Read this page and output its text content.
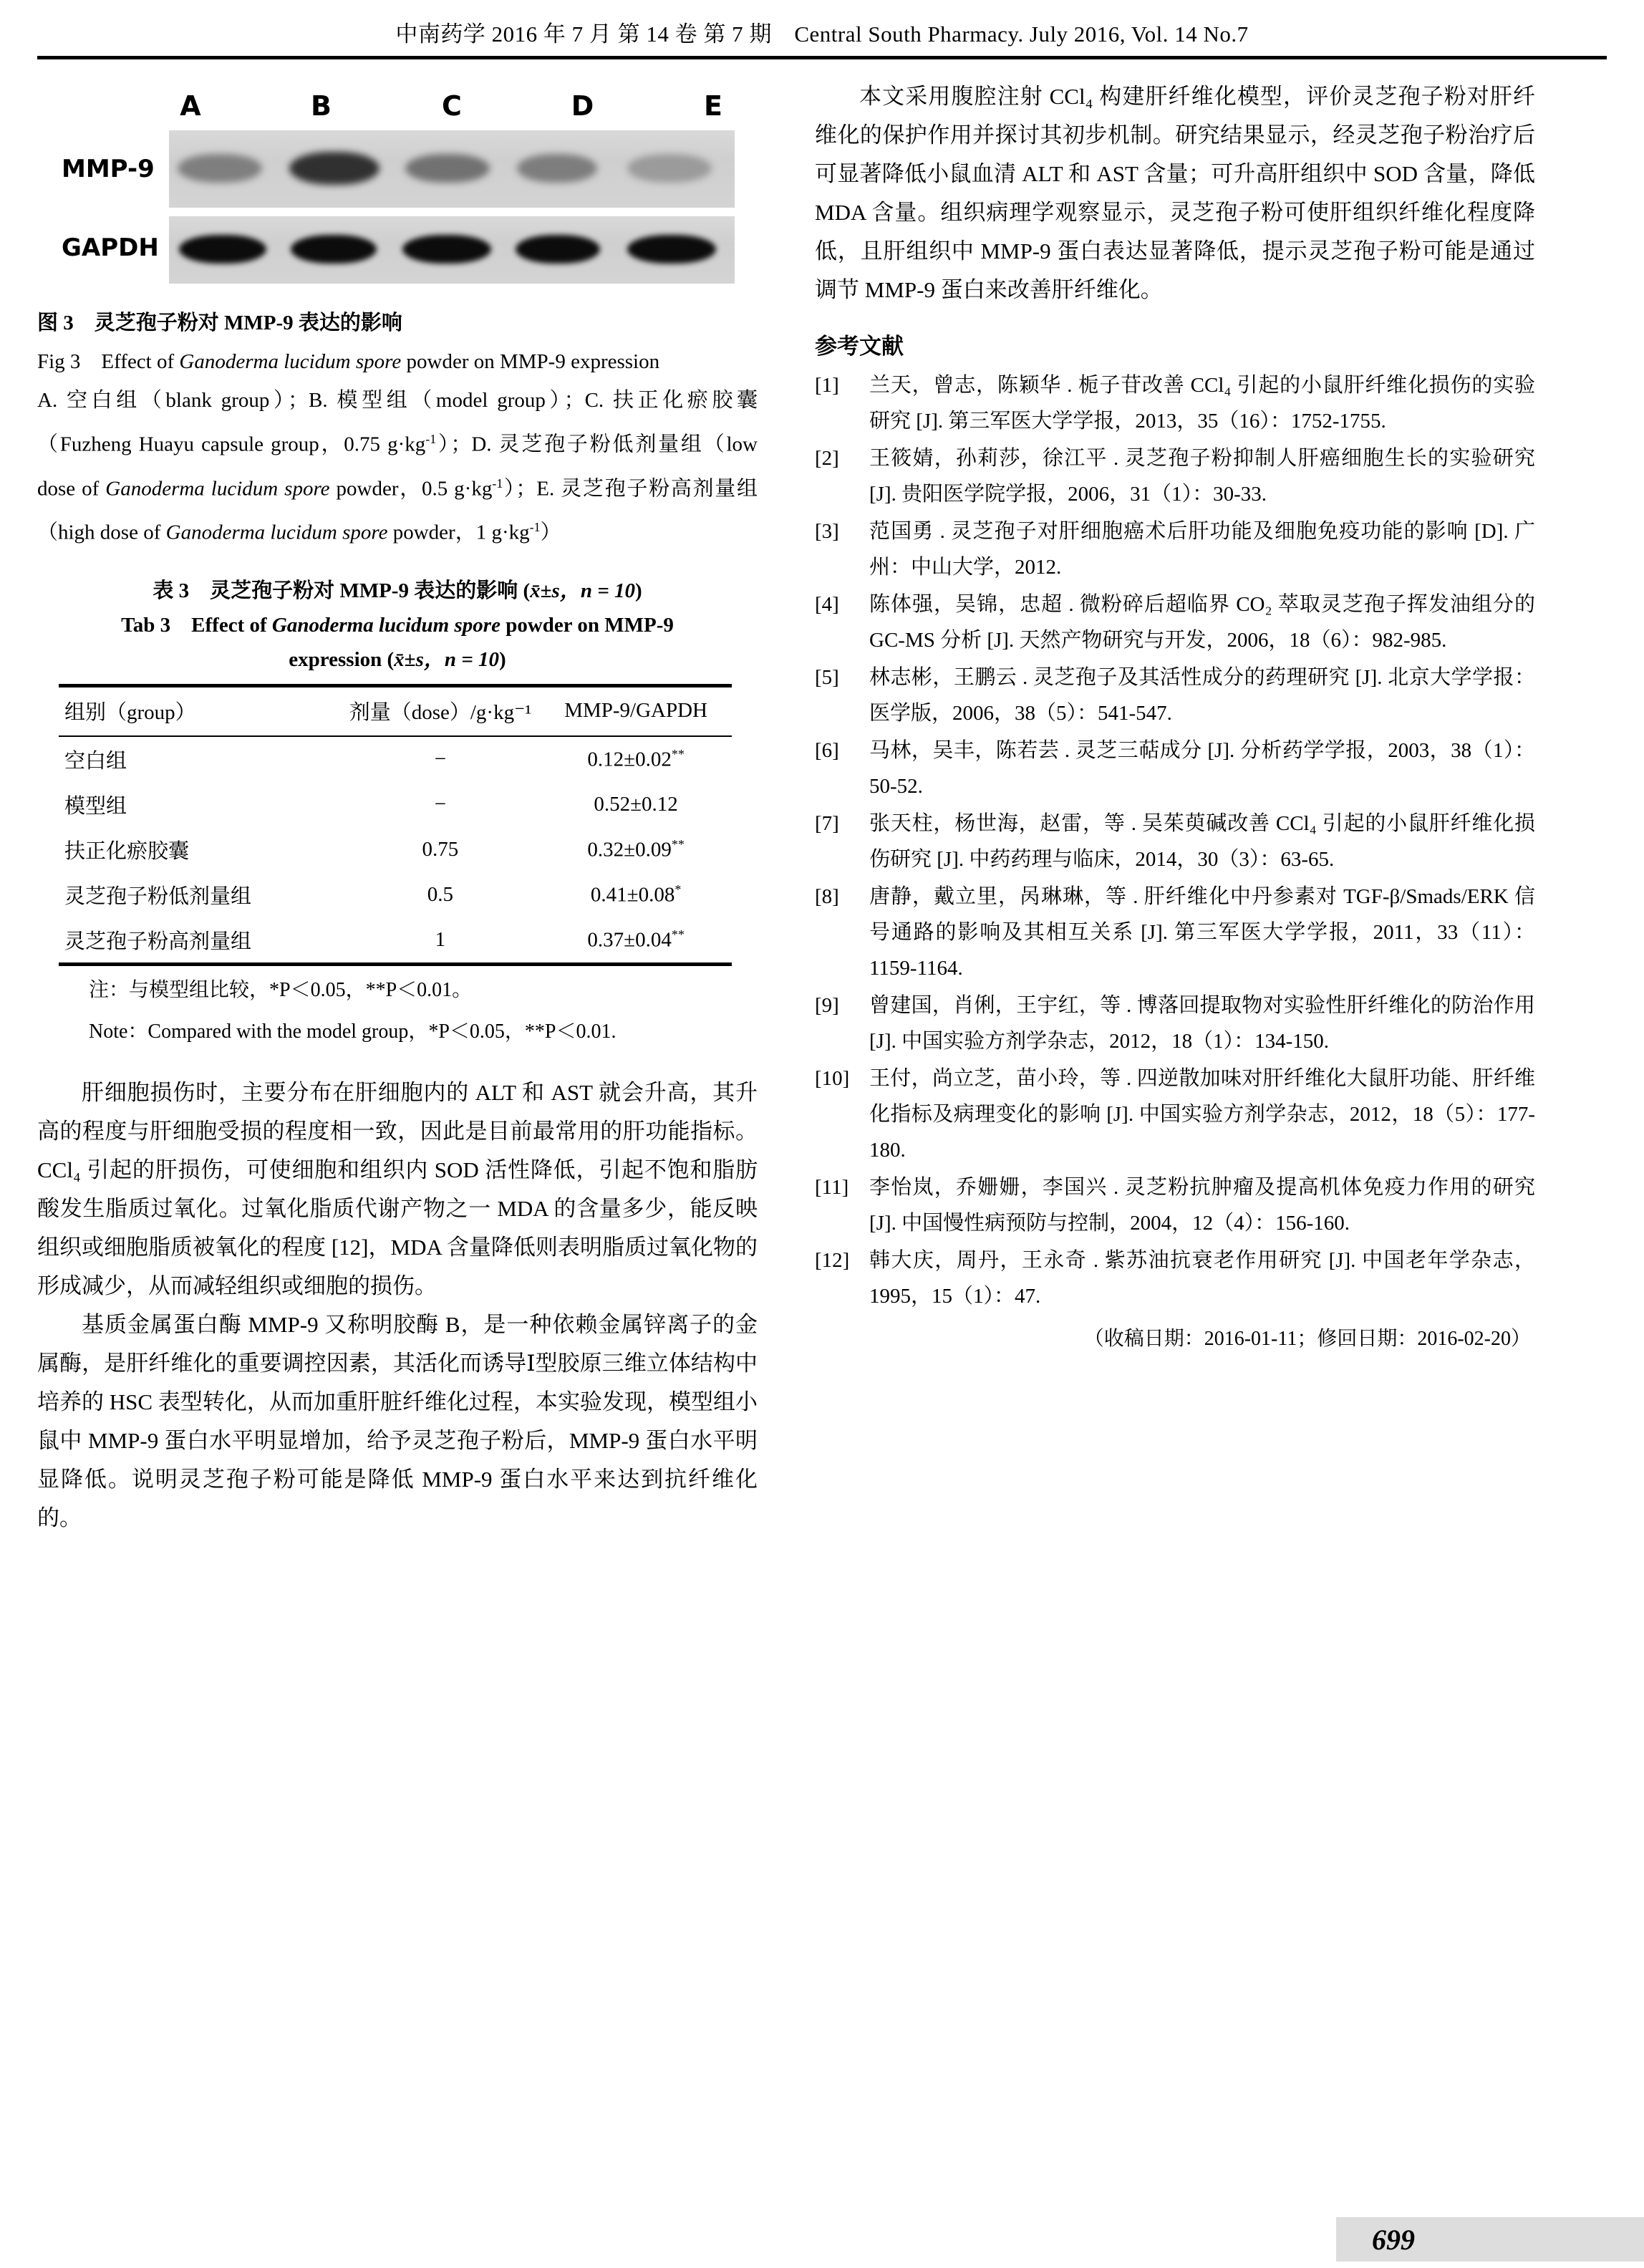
中南药学 2016 年 7 月 第 14 卷 第 7 期　Central South Pharmacy. July 2016, Vol. 14 No.7
A	B	C	D	E
MMP-9
GAPDH
图 3　灵芝孢子粉对 MMP-9 表达的影响
Fig 3　Effect of Ganoderma lucidum spore powder on MMP-9 expression
A. 空白组（blank group）；B. 模型组（model group）；C. 扶正化瘀胶囊（Fuzheng Huayu capsule group，0.75 $g\cdot kg^{-1}$）；D. 灵芝孢子粉低剂量组（low dose of Ganoderma lucidum spore powder，0.5 $g\cdot kg^{-1}$）；E. 灵芝孢子粉高剂量组（high dose of Ganoderma lucidum spore powder，1 $g\cdot kg^{-1}$）
表 3　灵芝孢子粉对 MMP-9 表达的影响 (x̄±s，n = 10)
Tab 3　Effect of Ganoderma lucidum spore powder on MMP-9
expression (x̄±s，n = 10)
组别（group）	剂量（dose）/g·kg⁻¹	MMP-9/GAPDH
空白组	−	0.12±0.02**
模型组	−	0.52±0.12
扶正化瘀胶囊	0.75	0.32±0.09**
灵芝孢子粉低剂量组	0.5	0.41±0.08*
灵芝孢子粉高剂量组	1	0.37±0.04**
注：与模型组比较，*P＜0.05，**P＜0.01。
Note：Compared with the model group，*P＜0.05，**P＜0.01.

肝细胞损伤时，主要分布在肝细胞内的 ALT 和 AST 就会升高，其升高的程度与肝细胞受损的程度相一致，因此是目前最常用的肝功能指标。CCl₄ 引起的肝损伤，可使细胞和组织内 SOD 活性降低，引起不饱和脂肪酸发生脂质过氧化。过氧化脂质代谢产物之一 MDA 的含量多少，能反映组织或细胞脂质被氧化的程度 [12]，MDA 含量降低则表明脂质过氧化物的形成减少，从而减轻组织或细胞的损伤。

基质金属蛋白酶 MMP-9 又称明胶酶 B，是一种依赖金属锌离子的金属酶，是肝纤维化的重要调控因素，其活化而诱导Ⅰ型胶原三维立体结构中培养的 HSC 表型转化，从而加重肝脏纤维化过程，本实验发现，模型组小鼠中 MMP-9 蛋白水平明显增加，给予灵芝孢子粉后，MMP-9 蛋白水平明显降低。说明灵芝孢子粉可能是降低 MMP-9 蛋白水平来达到抗纤维化的。

本文采用腹腔注射 CCl₄ 构建肝纤维化模型，评价灵芝孢子粉对肝纤维化的保护作用并探讨其初步机制。研究结果显示，经灵芝孢子粉治疗后可显著降低小鼠血清 ALT 和 AST 含量；可升高肝组织中 SOD 含量，降低 MDA 含量。组织病理学观察显示，灵芝孢子粉可使肝组织纤维化程度降低，且肝组织中 MMP-9 蛋白表达显著降低，提示灵芝孢子粉可能是通过调节 MMP-9 蛋白来改善肝纤维化。

参考文献
[1]	兰天，曾志，陈颖华 . 栀子苷改善 CCl₄ 引起的小鼠肝纤维化损伤的实验研究 [J]. 第三军医大学学报，2013，35（16）：1752-1755.
[2]	王筱婧，孙莉莎，徐江平 . 灵芝孢子粉抑制人肝癌细胞生长的实验研究 [J]. 贵阳医学院学报，2006，31（1）：30-33.
[3]	范国勇 . 灵芝孢子对肝细胞癌术后肝功能及细胞免疫功能的影响 [D]. 广州：中山大学，2012.
[4]	陈体强，吴锦，忠超 . 微粉碎后超临界 CO₂ 萃取灵芝孢子挥发油组分的 GC-MS 分析 [J]. 天然产物研究与开发，2006，18（6）：982-985.
[5]	林志彬，王鹏云 . 灵芝孢子及其活性成分的药理研究 [J]. 北京大学学报：医学版，2006，38（5）：541-547.
[6]	马林，吴丰，陈若芸 . 灵芝三萜成分 [J]. 分析药学学报，2003，38（1）：50-52.
[7]	张天柱，杨世海，赵雷，等 . 吴茱萸碱改善 CCl₄ 引起的小鼠肝纤维化损伤研究 [J]. 中药药理与临床，2014，30（3）：63-65.
[8]	唐静，戴立里，呙琳琳，等 . 肝纤维化中丹参素对 TGF-β/Smads/ERK 信号通路的影响及其相互关系 [J]. 第三军医大学学报，2011，33（11）：1159-1164.
[9]	曾建国，肖俐，王宇红，等 . 博落回提取物对实验性肝纤维化的防治作用 [J]. 中国实验方剂学杂志，2012，18（1）：134-150.
[10] 王付，尚立芝，苗小玲，等 . 四逆散加味对肝纤维化大鼠肝功能、肝纤维化指标及病理变化的影响 [J]. 中国实验方剂学杂志，2012，18（5）：177-180.
[11] 李怡岚，乔姗姗，李国兴 . 灵芝粉抗肿瘤及提高机体免疫力作用的研究 [J]. 中国慢性病预防与控制，2004，12（4）：156-160.
[12] 韩大庆，周丹，王永奇 . 紫苏油抗衰老作用研究 [J]. 中国老年学杂志，1995，15（1）：47.
（收稿日期：2016-01-11；修回日期：2016-02-20）
699
